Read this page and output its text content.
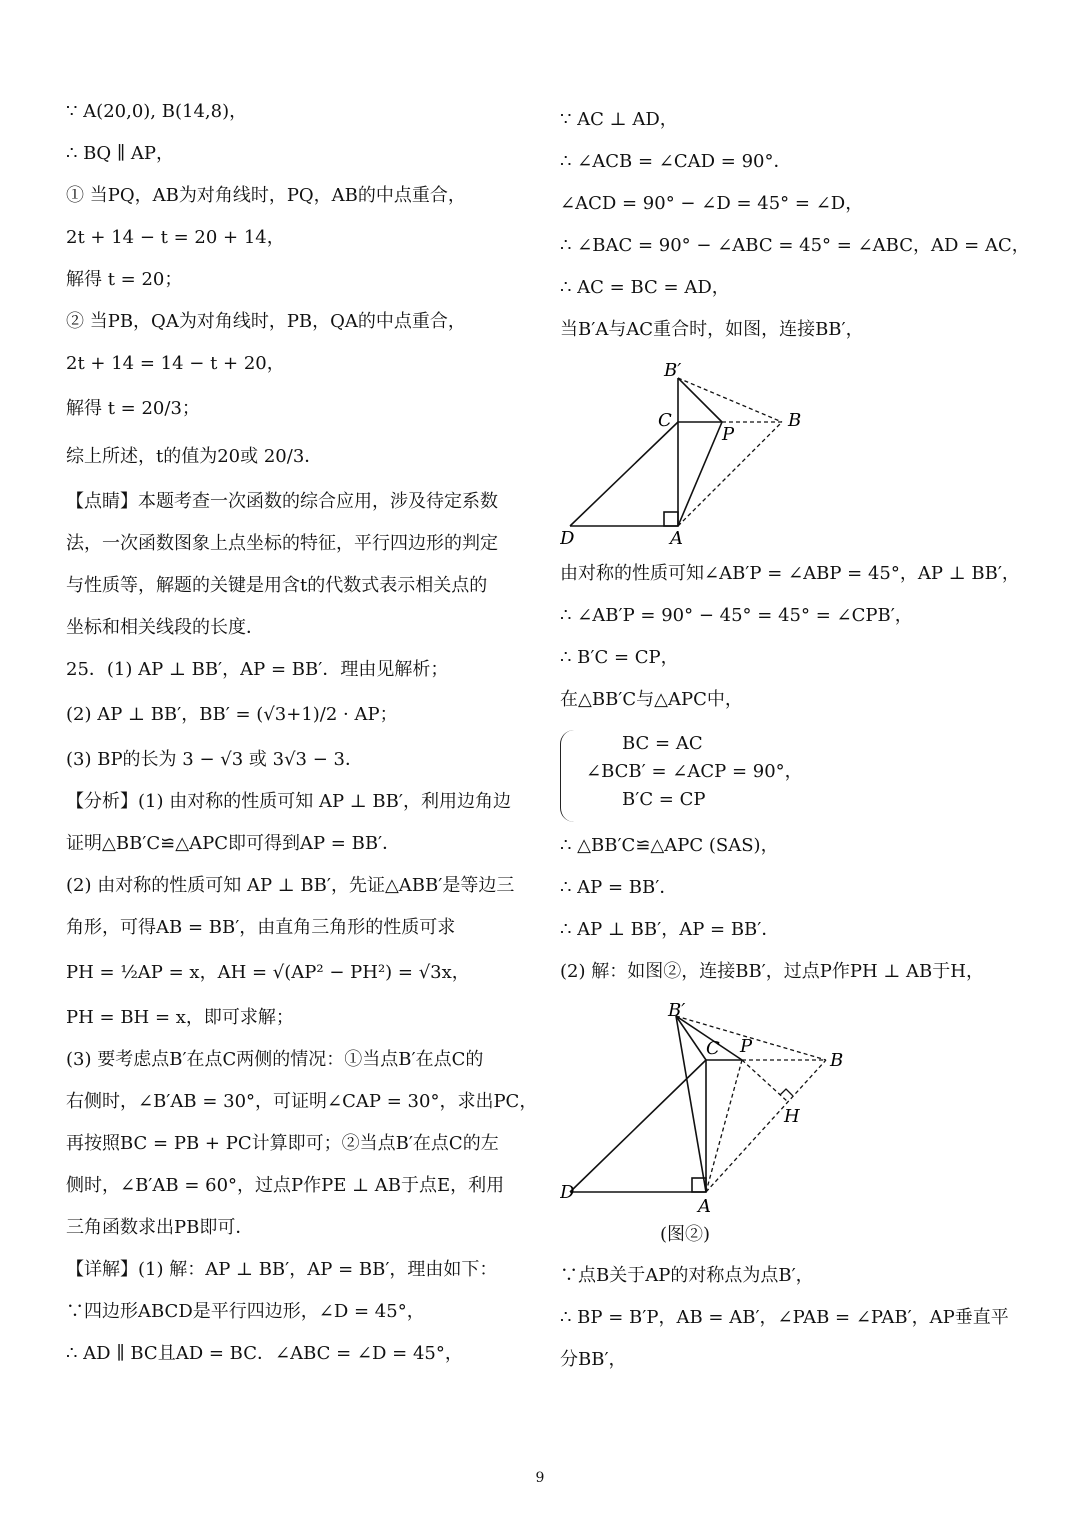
∵ A(20,0), B(14,8)，
∴ BQ ∥ AP，
① 当PQ，AB为对角线时，PQ，AB的中点重合，
2t + 14 − t = 20 + 14，
解得 t = 20；
② 当PB，QA为对角线时，PB，QA的中点重合，
2t + 14 = 14 − t + 20，
解得 t = 20/3；
综上所述，t的值为20或 20/3．
【点睛】本题考查一次函数的综合应用，涉及待定系数
法，一次函数图象上点坐标的特征，平行四边形的判定
与性质等，解题的关键是用含t的代数式表示相关点的
坐标和相关线段的长度．
25．(1) AP ⊥ BB′，AP = BB′．理由见解析；
(2) AP ⊥ BB′，BB′ = (√3+1)/2 · AP；
(3) BP的长为 3 − √3 或 3√3 − 3．
【分析】(1) 由对称的性质可知 AP ⊥ BB′，利用边角边
证明△BB′C≌△APC即可得到AP = BB′．
(2) 由对称的性质可知 AP ⊥ BB′，先证△ABB′是等边三
角形，可得AB = BB′，由直角三角形的性质可求
PH = ½AP = x，AH = √(AP² − PH²) = √3x，
PH = BH = x，即可求解；
(3) 要考虑点B′在点C两侧的情况：①当点B′在点C的
右侧时，∠B′AB = 30°，可证明∠CAP = 30°，求出PC，
再按照BC = PB + PC计算即可；②当点B′在点C的左
侧时，∠B′AB = 60°，过点P作PE ⊥ AB于点E，利用
三角函数求出PB即可．
【详解】(1) 解：AP ⊥ BB′，AP = BB′，理由如下：
∵四边形ABCD是平行四边形，∠D = 45°，
∴ AD ∥ BC且AD = BC．∠ABC = ∠D = 45°，
∵ AC ⊥ AD，
∴ ∠ACB = ∠CAD = 90°．
∠ACD = 90° − ∠D = 45° = ∠D，
∴ ∠BAC = 90° − ∠ABC = 45° = ∠ABC，AD = AC，
∴ AC = BC = AD，
当B′A与AC重合时，如图，连接BB′，
B′
C
P
B
D	A
由对称的性质可知∠AB′P = ∠ABP = 45°，AP ⊥ BB′，
∴ ∠AB′P = 90° − 45° = 45° = ∠CPB′，
∴ B′C = CP，
在△BB′C与△APC中，
BC = AC
∠BCB′ = ∠ACP = 90°，
B′C = CP
∴ △BB′C≌△APC (SAS)，
∴ AP = BB′．
∴ AP ⊥ BB′，AP = BB′．
(2) 解：如图②，连接BB′，过点P作PH ⊥ AB于H，
B′
C P
B
H
D
A
(图②)
∵点B关于AP的对称点为点B′，
∴ BP = B′P，AB = AB′，∠PAB = ∠PAB′，AP垂直平
分BB′，
9
